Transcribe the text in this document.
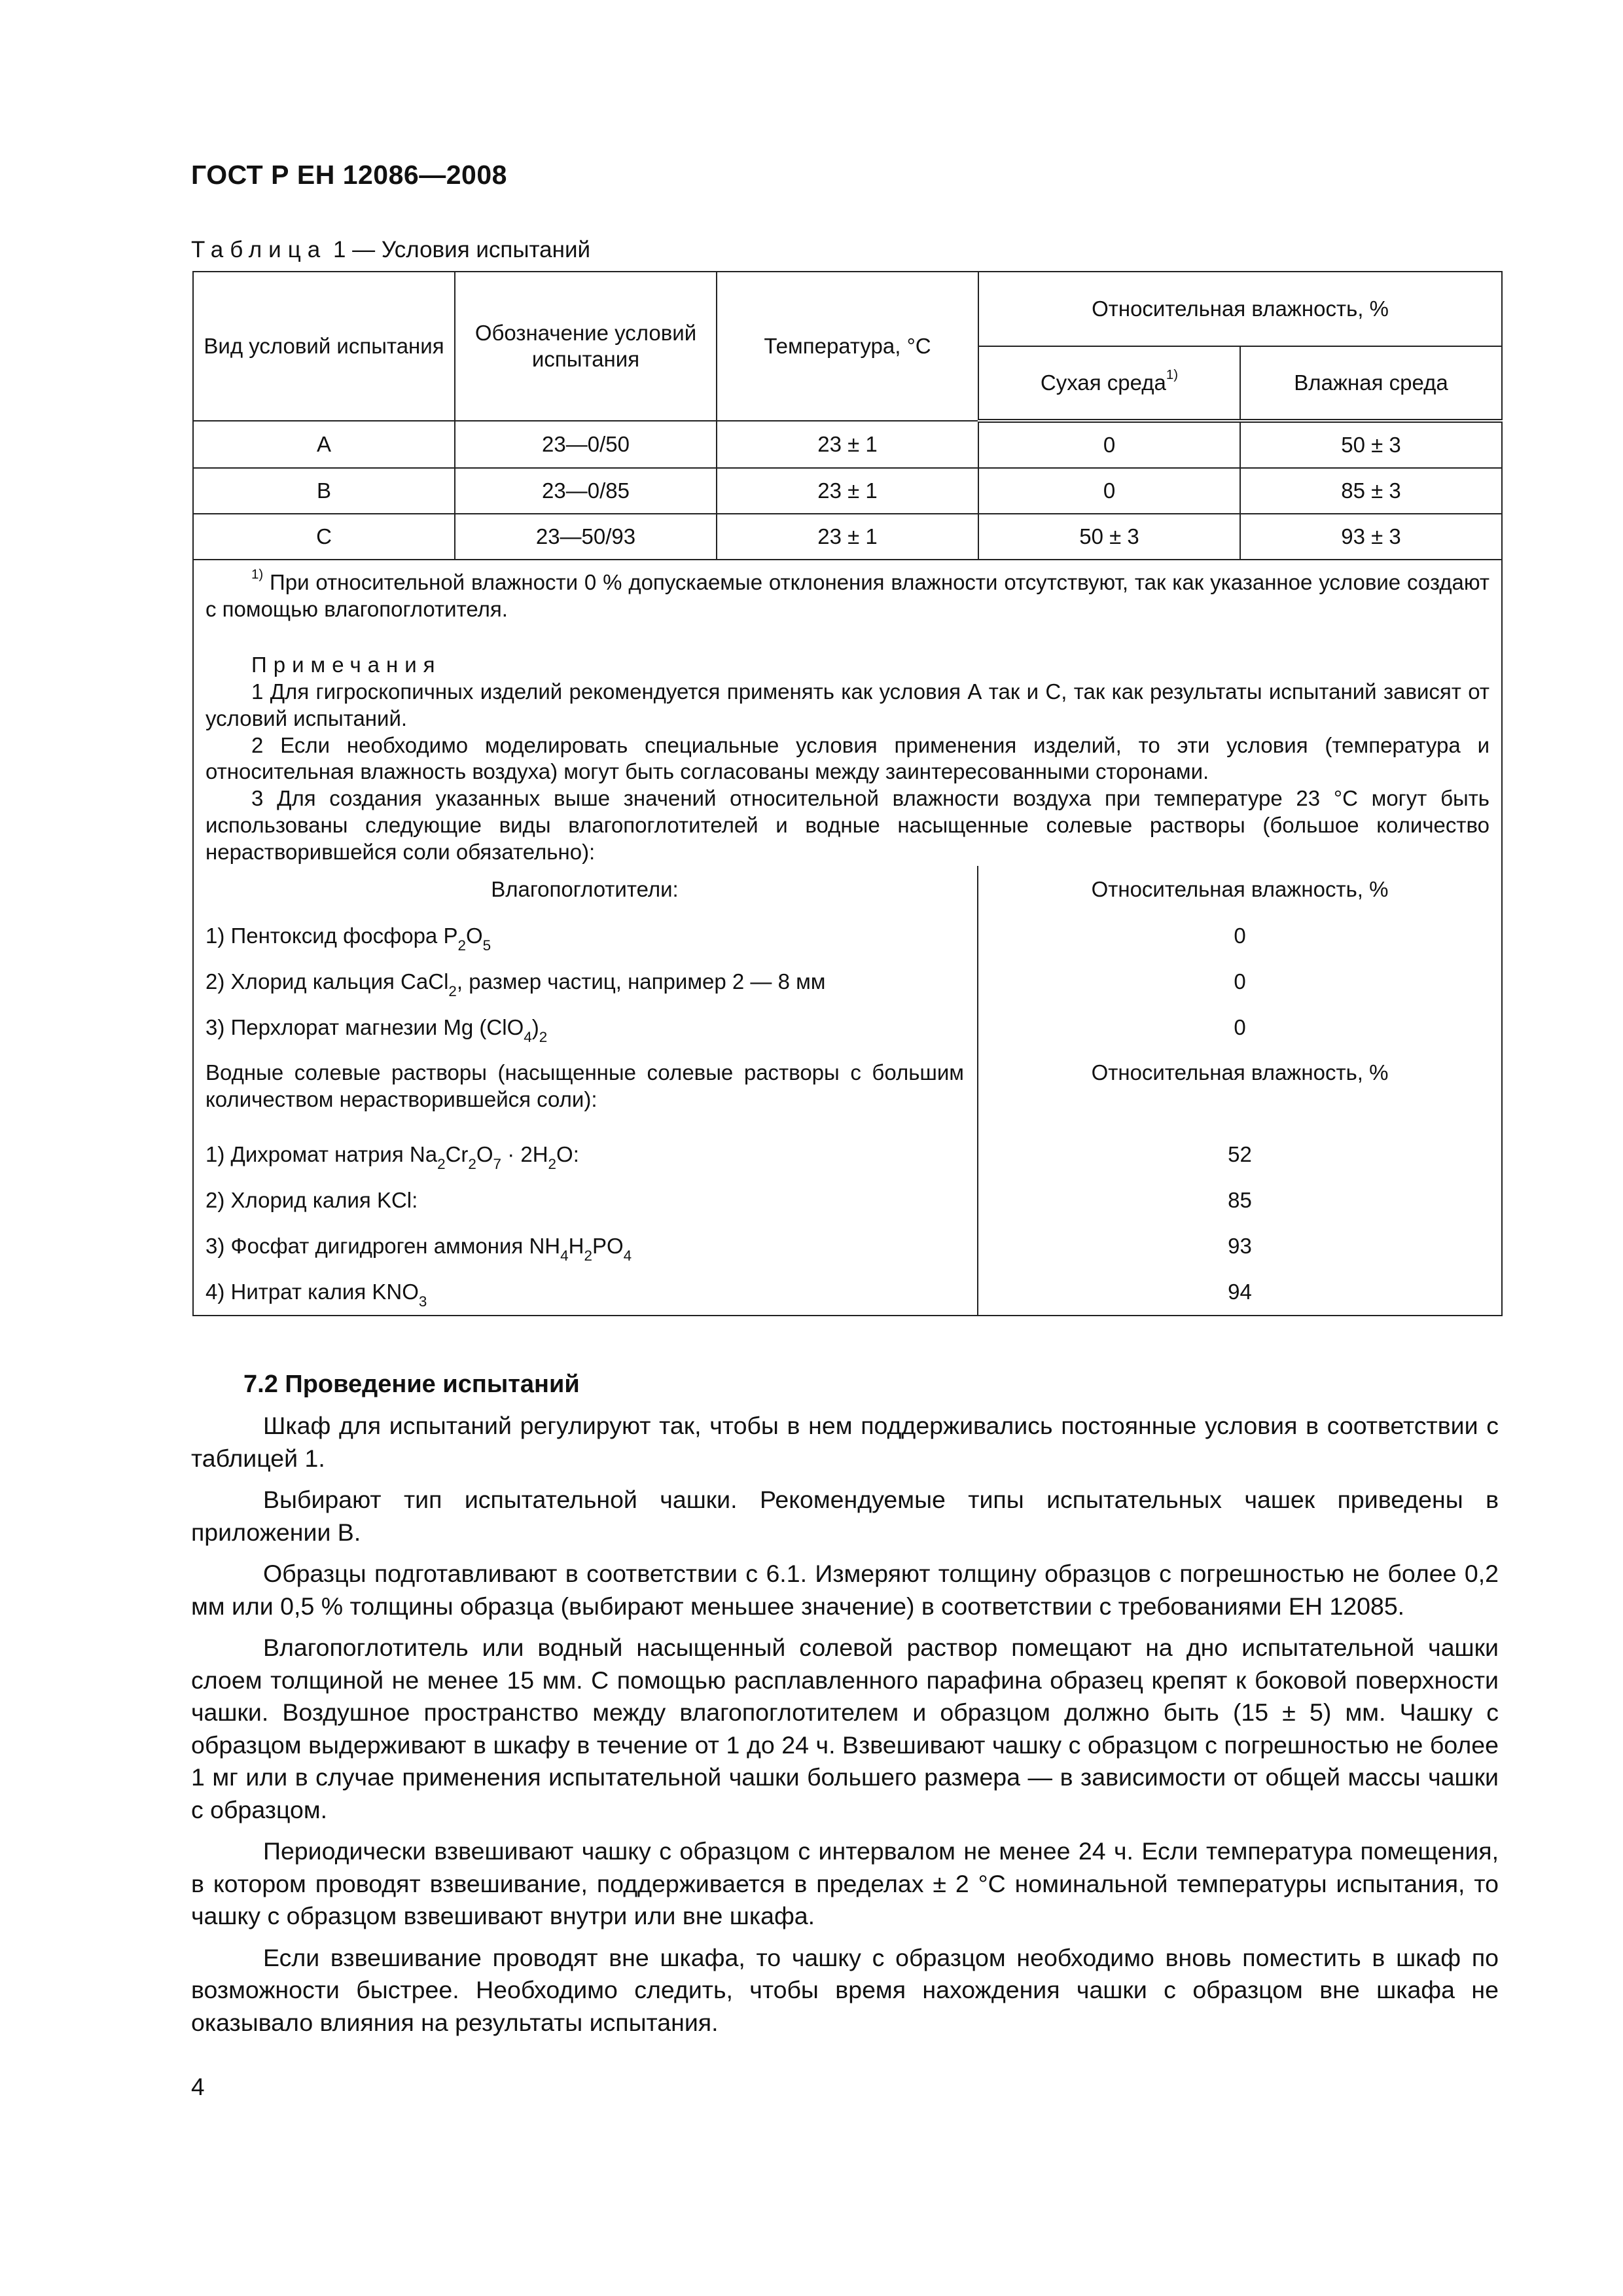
ГОСТ Р ЕН 12086—2008
Таблица 1 — Условия испытаний
Вид условий испытания	Обозначение условий испытания	Температура, °С	Относительная влажность, %
Сухая среда$^{1)}$	Влажная среда
A	23—0/50	23 ± 1	0	50 ± 3
B	23—0/85	23 ± 1	0	85 ± 3
C	23—50/93	23 ± 1	50 ± 3	93 ± 3

$^{1)}$ При относительной влажности 0 % допускаемые отклонения влажности отсутствуют, так как указанное условие создают с помощью влагопоглотителя.

Примечания

1 Для гигроскопичных изделий рекомендуется применять как условия А так и С, так как результаты испытаний зависят от условий испытаний.

2 Если необходимо моделировать специальные условия применения изделий, то эти условия (температура и относительная влажность воздуха) могут быть согласованы между заинтересованными сторонами.

3 Для создания указанных выше значений относительной влажности воздуха при температуре 23 °С могут быть использованы следующие виды влагопоглотителей и водные насыщенные солевые растворы (большое количество нерастворившейся соли обязательно):

Влагопоглотители:	Относительная влажность, %
1) Пентоксид фосфора $P_2O_5$	0
2) Хлорид кальция CaCl$_2$, размер частиц, например 2 — 8 мм	0
3) Перхлорат магнезии Mg $(ClO_4)_2$	0
Водные солевые растворы (насыщенные солевые растворы с большим количеством нерастворившейся соли):	Относительная влажность, %
1) Дихромат натрия $Na_2Cr_2O_7 \cdot 2H_2O$:	52
2) Хлорид калия KCl:	85
3) Фосфат дигидроген аммония $NH_4H_2PO_4$	93
4) Нитрат калия $KNO_3$	94
7.2 Проведение испытаний

Шкаф для испытаний регулируют так, чтобы в нем поддерживались постоянные условия в соответствии с таблицей 1.

Выбирают тип испытательной чашки. Рекомендуемые типы испытательных чашек приведены в приложении В.

Образцы подготавливают в соответствии с 6.1. Измеряют толщину образцов с погрешностью не более 0,2 мм или 0,5 % толщины образца (выбирают меньшее значение) в соответствии с требованиями ЕН 12085.

Влагопоглотитель или водный насыщенный солевой раствор помещают на дно испытательной чашки слоем толщиной не менее 15 мм. С помощью расплавленного парафина образец крепят к боковой поверхности чашки. Воздушное пространство между влагопоглотителем и образцом должно быть (15 ± 5) мм. Чашку с образцом выдерживают в шкафу в течение от 1 до 24 ч. Взвешивают чашку с образцом с погрешностью не более 1 мг или в случае применения испытательной чашки большего размера — в зависимости от общей массы чашки с образцом.

Периодически взвешивают чашку с образцом с интервалом не менее 24 ч. Если температура помещения, в котором проводят взвешивание, поддерживается в пределах ± 2 °С номинальной температуры испытания, то чашку с образцом взвешивают внутри или вне шкафа.

Если взвешивание проводят вне шкафа, то чашку с образцом необходимо вновь поместить в шкаф по возможности быстрее. Необходимо следить, чтобы время нахождения чашки с образцом вне шкафа не оказывало влияния на результаты испытания.

4
